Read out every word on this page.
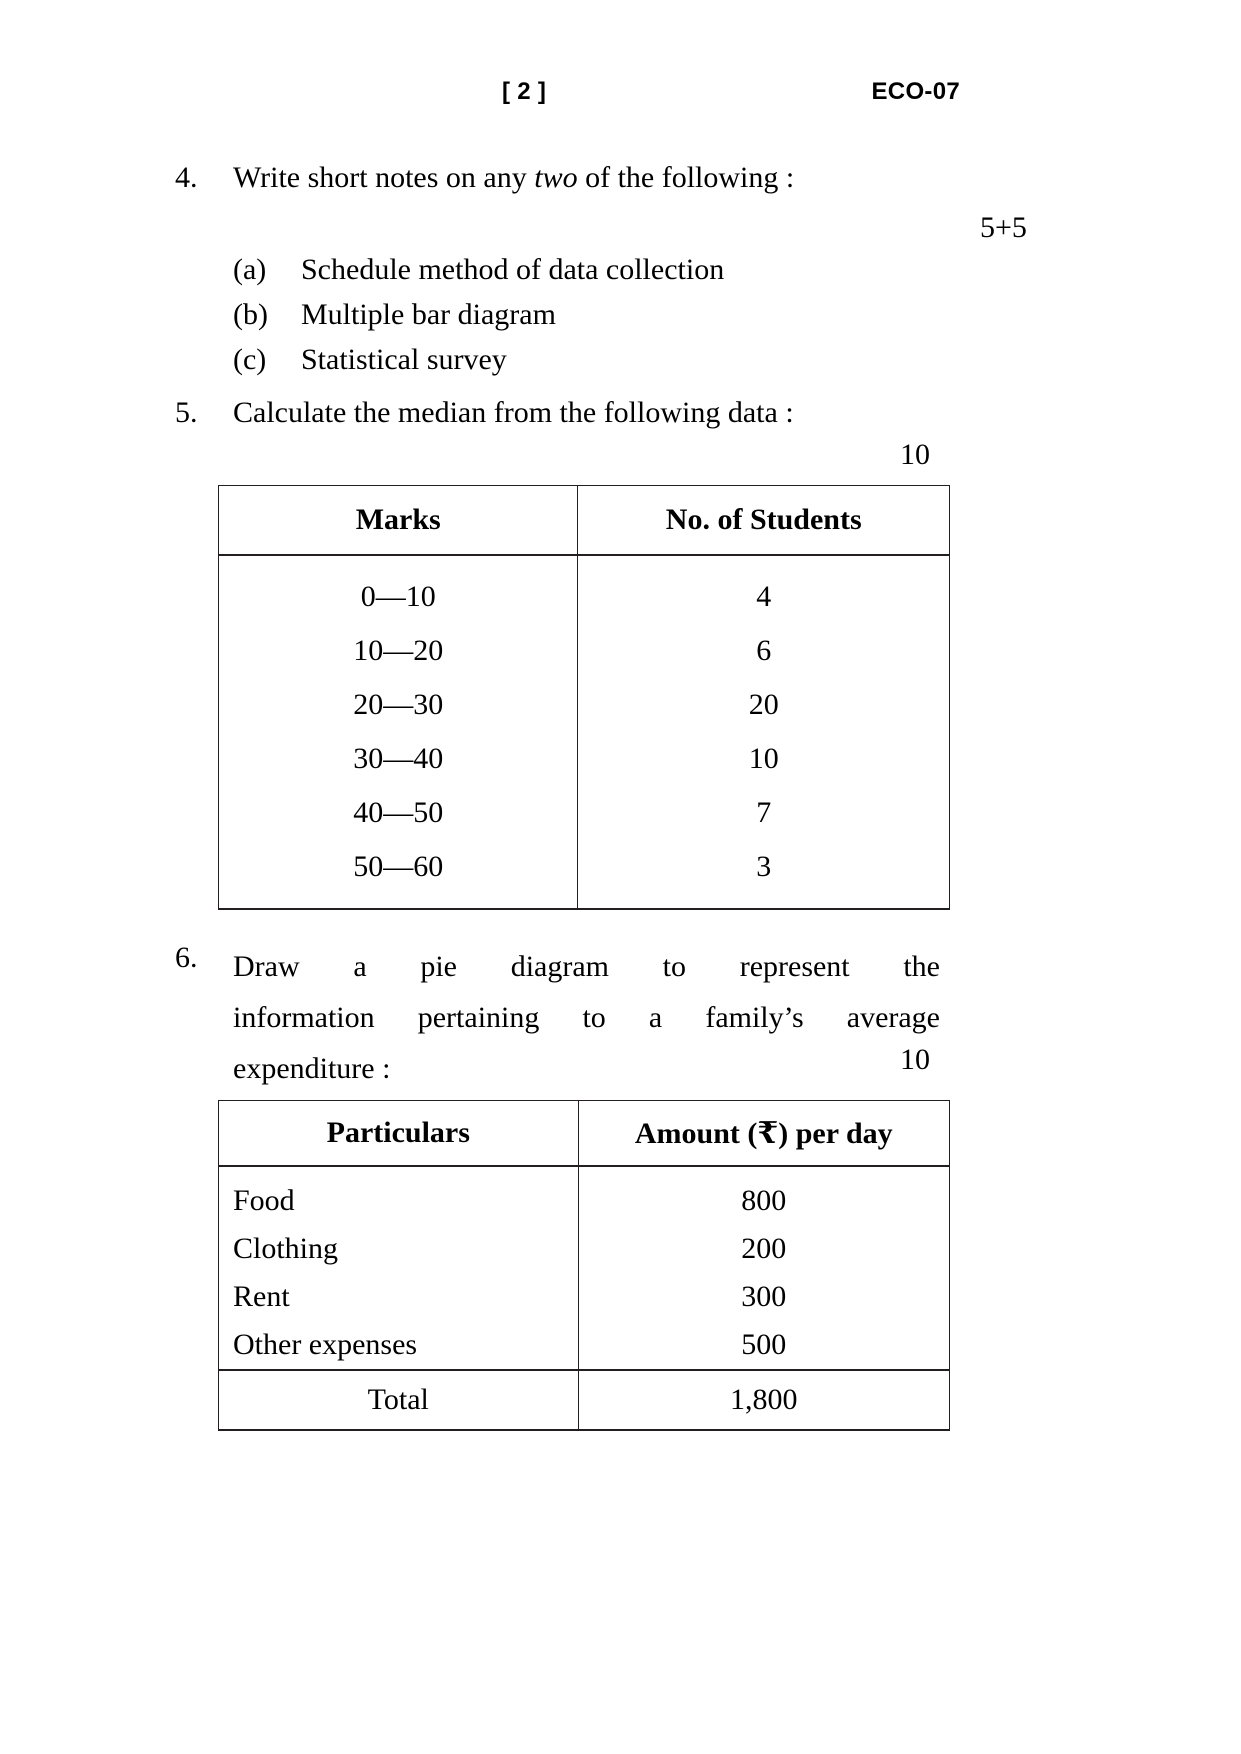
[ 2 ]	ECO-07
4.	Write short notes on any two of the following :
5+5
(a) Schedule method of data collection
(b) Multiple bar diagram
(c) Statistical survey
5.	Calculate the median from the following data :
10
Marks	No. of Students
0—10	4
10—20	6
20—30	20
30—40	10
40—50	7
50—60	3
6.	Draw a pie diagram to represent the
information pertaining to a family’s average
expenditure :	10
Particulars	Amount (₹) per day
Food	800
Clothing	200
Rent	300
Other expenses	500
Total	1,800
